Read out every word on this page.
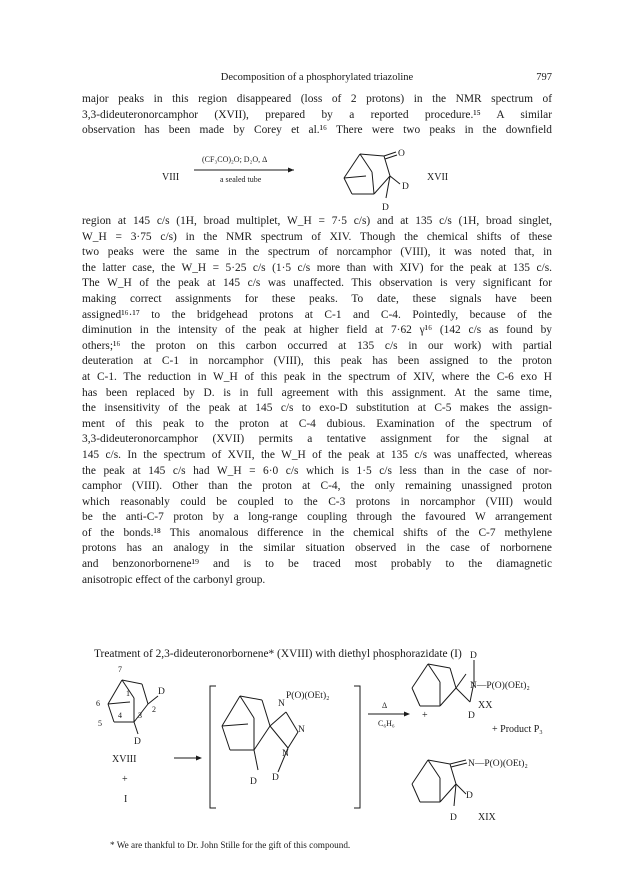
Decomposition of a phosphorylated triazoline	797
major peaks in this region disappeared (loss of 2 protons) in the NMR spectrum of
3,3-dideuteronorcamphor (XVII), prepared by a reported procedure.¹⁵ A similar
observation has been made by Corey et al.¹⁶ There were two peaks in the downfield
VIII
(CF₃CO)₂O; D₂O, Δ
a sealed tube
O
D
D
XVII
region at 145 c/s (1H, broad multiplet, W_H = 7·5 c/s) and at 135 c/s (1H, broad singlet,
W_H = 3·75 c/s) in the NMR spectrum of XIV. Though the chemical shifts of these
two peaks were the same in the spectrum of norcamphor (VIII), it was noted that, in
the latter case, the W_H = 5·25 c/s (1·5 c/s more than with XIV) for the peak at 135 c/s.
The W_H of the peak at 145 c/s was unaffected. This observation is very significant for
making correct assignments for these peaks. To date, these signals have been
assigned¹⁶·¹⁷ to the bridgehead protons at C-1 and C-4. Pointedly, because of the
diminution in the intensity of the peak at higher field at 7·62 γ¹⁶ (142 c/s as found by
others;¹⁶ the proton on this carbon occurred at 135 c/s in our work) with partial
deuteration at C-1 in norcamphor (VIII), this peak has been assigned to the proton
at C-1. The reduction in W_H of this peak in the spectrum of XIV, where the C-6 exo H
has been replaced by D. is in full agreement with this assignment. At the same time,
the insensitivity of the peak at 145 c/s to exo-D substitution at C-5 makes the assign-
ment of this peak to the proton at C-4 dubious. Examination of the spectrum of
3,3-dideuteronorcamphor (XVII) permits a tentative assignment for the signal at
145 c/s. In the spectrum of XVII, the W_H of the peak at 135 c/s was unaffected, whereas
the peak at 145 c/s had W_H = 6·0 c/s which is 1·5 c/s less than in the case of nor-
camphor (VIII). Other than the proton at C-4, the only remaining unassigned proton
which reasonably could be coupled to the C-3 protons in norcamphor (VIII) would
be the anti-C-7 proton by a long-range coupling through the favoured W arrangement
of the bonds.¹⁸ This anomalous difference in the chemical shifts of the C-7 methylene
protons has an analogy in the similar situation observed in the case of norbornene
and benzonorbornene¹⁹ and is to be traced most probably to the diamagnetic
anisotropic effect of the carbonyl group.
Treatment of 2,3-dideuteronorbornene* (XVIII) with diethyl phosphorazidate (I)
7
6
1
2
5
4 3
D
D
XVIII
+
I
N
P(O)(OEt)₂
N
N
D D
Δ
C₆H₆
+
D
N—P(O)(OEt)₂
XX
D
+ Product P₃
N—P(O)(OEt)₂
D
D XIX
* We are thankful to Dr. John Stille for the gift of this compound.
